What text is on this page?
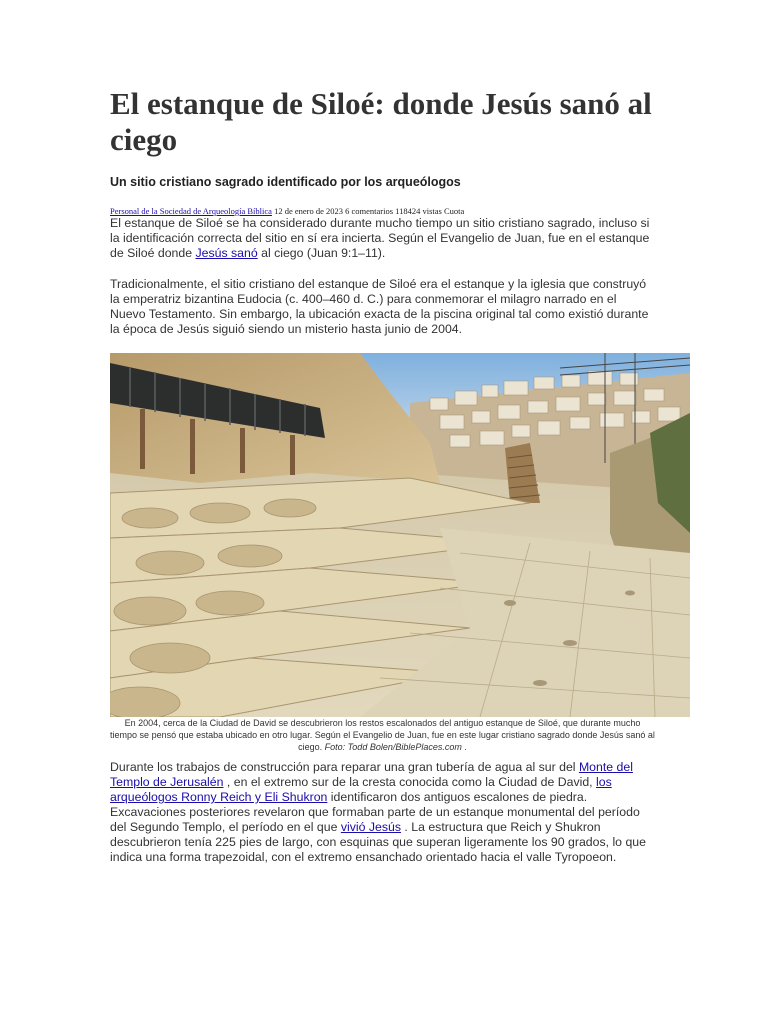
El estanque de Siloé: donde Jesús sanó al ciego

Un sitio cristiano sagrado identificado por los arqueólogos

Personal de la Sociedad de Arqueología Bíblica 12 de enero de 2023 6 comentarios 118424 vistas Cuota

El estanque de Siloé se ha considerado durante mucho tiempo un sitio cristiano sagrado, incluso si la identificación correcta del sitio en sí era incierta. Según el Evangelio de Juan, fue en el estanque de Siloé donde Jesús sanó al ciego (Juan 9:1–11).

Tradicionalmente, el sitio cristiano del estanque de Siloé era el estanque y la iglesia que construyó la emperatriz bizantina Eudocia (c. 400–460 d. C.) para conmemorar el milagro narrado en el Nuevo Testamento. Sin embargo, la ubicación exacta de la piscina original tal como existió durante la época de Jesús siguió siendo un misterio hasta junio de 2004.

En 2004, cerca de la Ciudad de David se descubrieron los restos escalonados del antiguo estanque de Siloé, que durante mucho tiempo se pensó que estaba ubicado en otro lugar. Según el Evangelio de Juan, fue en este lugar cristiano sagrado donde Jesús sanó al ciego. Foto: Todd Bolen/BiblePlaces.com .

Durante los trabajos de construcción para reparar una gran tubería de agua al sur del Monte del Templo de Jerusalén , en el extremo sur de la cresta conocida como la Ciudad de David, los arqueólogos Ronny Reich y Eli Shukron identificaron dos antiguos escalones de piedra. Excavaciones posteriores revelaron que formaban parte de un estanque monumental del período del Segundo Templo, el período en el que vivió Jesús . La estructura que Reich y Shukron descubrieron tenía 225 pies de largo, con esquinas que superan ligeramente los 90 grados, lo que indica una forma trapezoidal, con el extremo ensanchado orientado hacia el valle Tyropoeon.
